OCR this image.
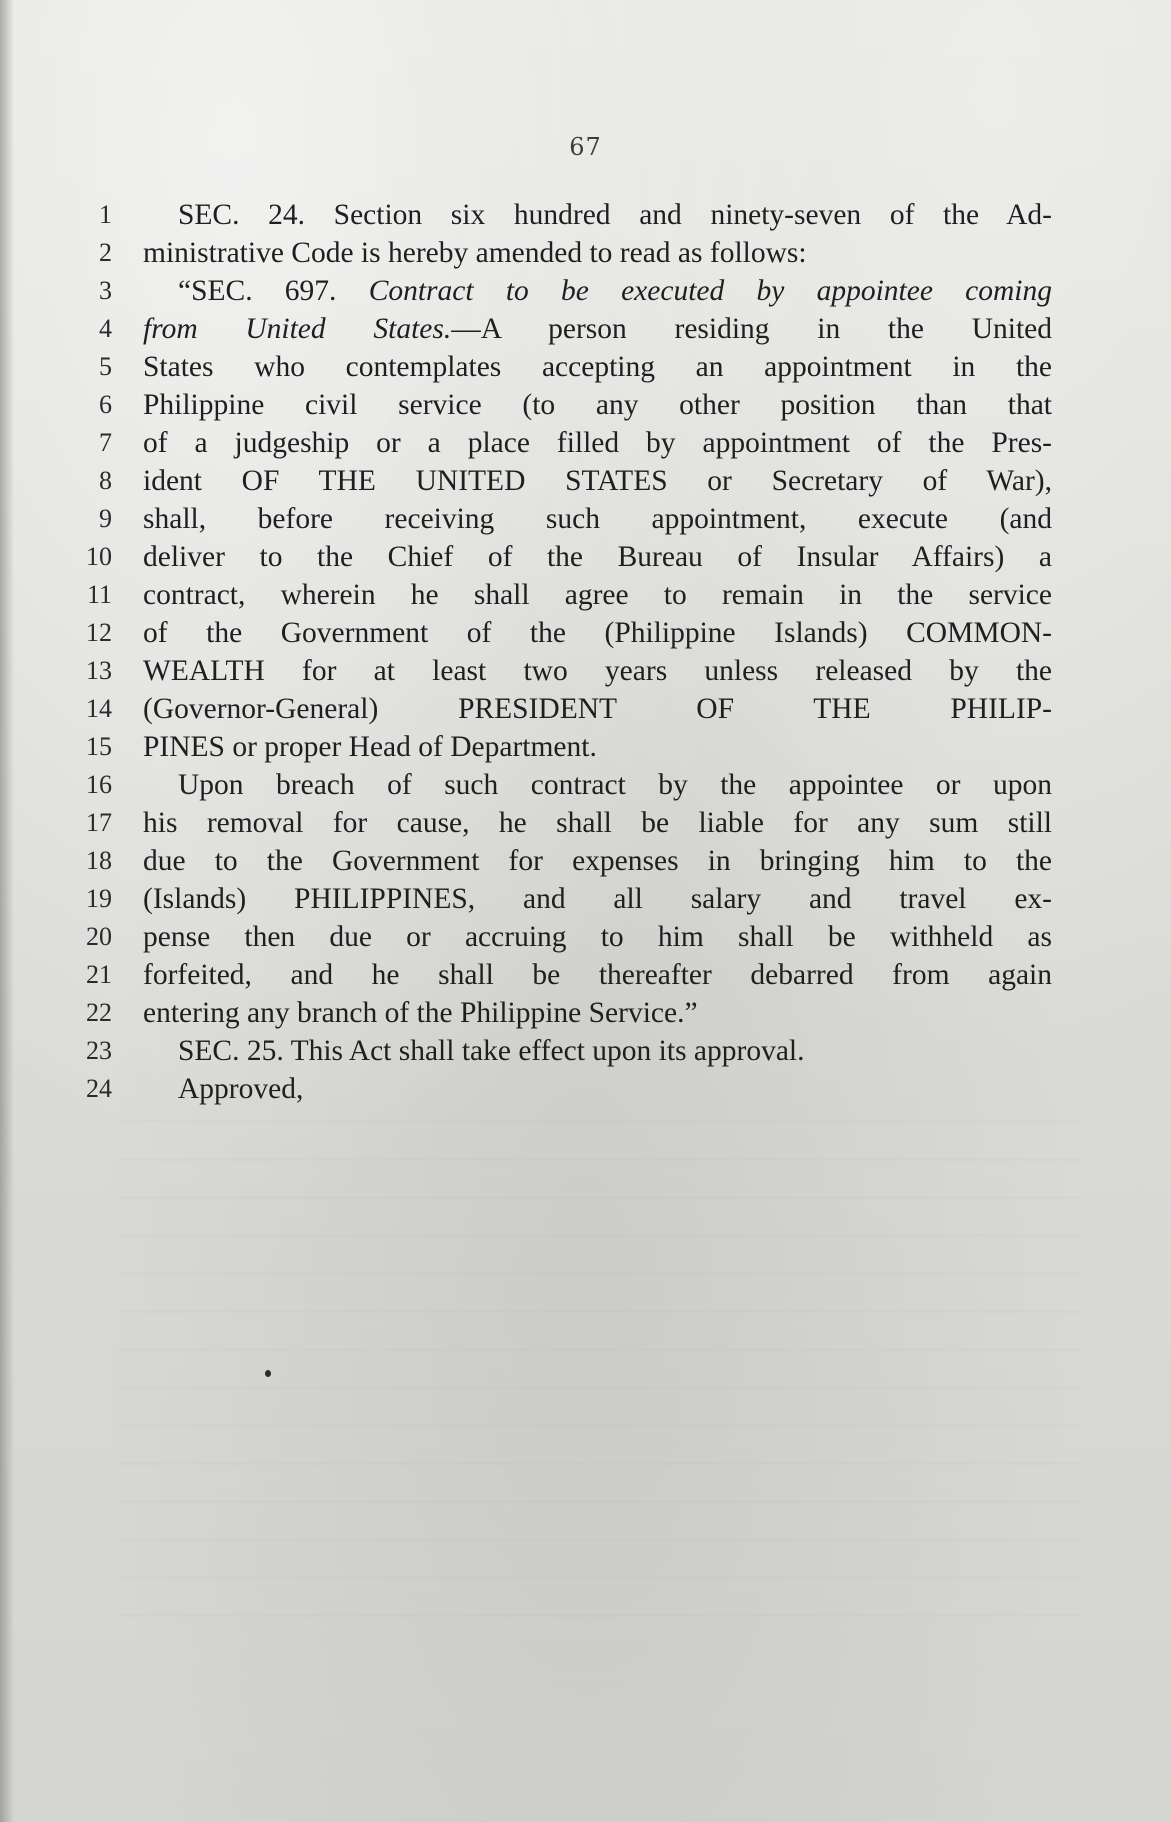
67
1 SEC. 24. Section six hundred and ninety-seven of the Ad-
2 ministrative Code is hereby amended to read as follows:
3 “SEC. 697. Contract to be executed by appointee coming
4 from United States.—A person residing in the United
5 States who contemplates accepting an appointment in the
6 Philippine civil service (to any other position than that
7 of a judgeship or a place filled by appointment of the Pres-
8 ident OF THE UNITED STATES or Secretary of War),
9 shall, before receiving such appointment, execute (and
10 deliver to the Chief of the Bureau of Insular Affairs) a
11 contract, wherein he shall agree to remain in the service
12 of the Government of the (Philippine Islands) COMMON-
13 WEALTH for at least two years unless released by the
14 (Governor-General) PRESIDENT OF THE PHILIP-
15 PINES or proper Head of Department.
16 Upon breach of such contract by the appointee or upon
17 his removal for cause, he shall be liable for any sum still
18 due to the Government for expenses in bringing him to the
19 (Islands) PHILIPPINES, and all salary and travel ex-
20 pense then due or accruing to him shall be withheld as
21 forfeited, and he shall be thereafter debarred from again
22 entering any branch of the Philippine Service.”
23 SEC. 25. This Act shall take effect upon its approval.
24 Approved,
